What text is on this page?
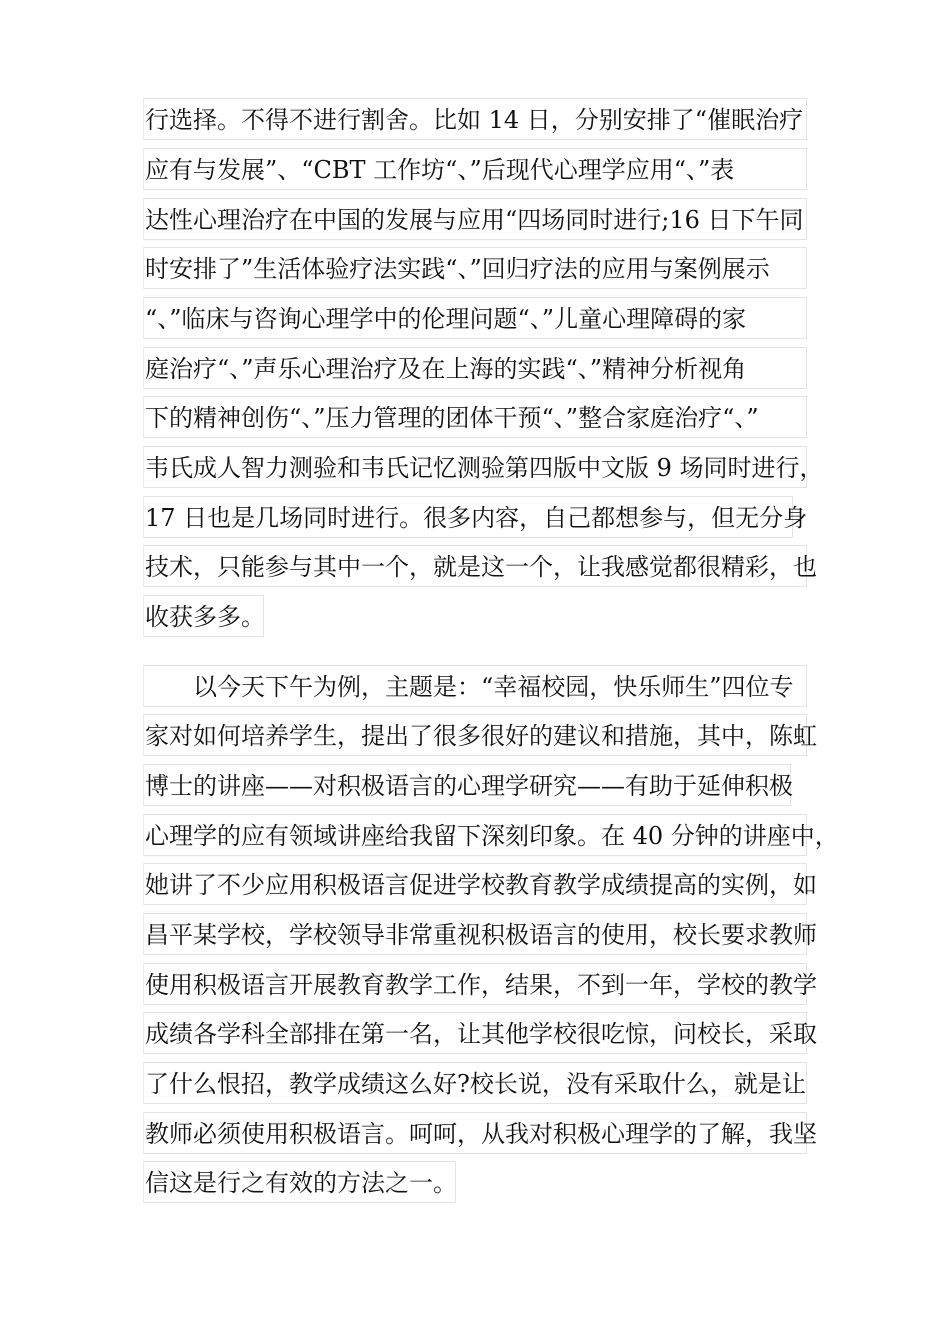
行选择。不得不进行割舍。比如 14 日，分别安排了“催眠治疗
应有与发展”、“CBT 工作坊“、”后现代心理学应用“、”表
达性心理治疗在中国的发展与应用“四场同时进行;16 日下午同
时安排了”生活体验疗法实践“、”回归疗法的应用与案例展示
“、”临床与咨询心理学中的伦理问题“、”儿童心理障碍的家
庭治疗“、”声乐心理治疗及在上海的实践“、”精神分析视角
下的精神创伤“、”压力管理的团体干预“、”整合家庭治疗“、”
韦氏成人智力测验和韦氏记忆测验第四版中文版 9 场同时进行，
17 日也是几场同时进行。很多内容，自己都想参与，但无分身
技术，只能参与其中一个，就是这一个，让我感觉都很精彩，也
收获多多。
以今天下午为例，主题是：“幸福校园，快乐师生”四位专
家对如何培养学生，提出了很多很好的建议和措施，其中，陈虹
博士的讲座——对积极语言的心理学研究——有助于延伸积极
心理学的应有领域讲座给我留下深刻印象。在 40 分钟的讲座中，
她讲了不少应用积极语言促进学校教育教学成绩提高的实例，如
昌平某学校，学校领导非常重视积极语言的使用，校长要求教师
使用积极语言开展教育教学工作，结果，不到一年，学校的教学
成绩各学科全部排在第一名，让其他学校很吃惊，问校长，采取
了什么恨招，教学成绩这么好?校长说，没有采取什么，就是让
教师必须使用积极语言。呵呵，从我对积极心理学的了解，我坚
信这是行之有效的方法之一。
